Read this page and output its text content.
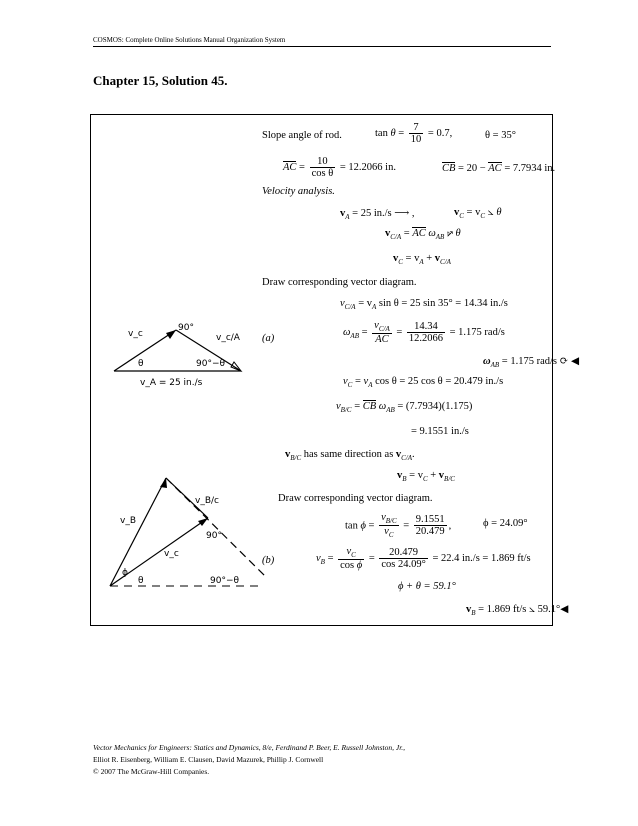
COSMOS: Complete Online Solutions Manual Organization System
Chapter 15, Solution 45.
Slope angle of rod.	$\tan \theta = \frac{7}{10} = 0.7$,	θ = 35°
AC = $\frac{10}{\text{cos θ}} = 12.2066$ in.	CB = 20 − AC = 7.7934 in.
Velocity analysis.
$v_A = 25$ in./s ⟶ ,	$v_C = v_C$ ⦣ θ
$v_{C/A}$ = AC $\omega_{AB}$ ⦬ θ
$v_C = v_A + v_{C/A}$
Draw corresponding vector diagram.
$v_{C/A} = v_A$ sin θ = 25 sin 35° = 14.34 in./s
(a)
$\omega_{AB} = \frac{v_{C/A}}{AC} = \frac{14.34}{12.2066} = 1.175$ rad/s
$\omega_{AB} = 1.175$ rad/s ⟳ ◀
$v_C = v_A$ cos θ = 25 cos θ = 20.479 in./s
$v_{B/C}$ = CB $\omega_{AB} = (7.7934)(1.175)$
= 9.1551 in./s
$v_{B/C}$ has same direction as $v_{C/A}$.
$v_B = v_C + v_{B/C}$
Draw corresponding vector diagram.
$\tan \phi = \frac{v_{B/C}}{v_C} = \frac{9.1551}{20.479}$ ,	ϕ = 24.09°
(b)	$v_B = \frac{v_C}{\text{cos ϕ}} = \frac{20.479}{\cos 24.09^\circ} = 22.4$ in./s = 1.869 ft/s
ϕ + θ = 59.1°
$v_B = 1.869$ ft/s ⦣ 59.1°◀
v_c
90°
v_c/A
θ	90°−θ
v_A = 25 in./s
v_B/c
v_B
v_c
90°
ϕ
θ	90°−θ
Vector Mechanics for Engineers: Statics and Dynamics, 8/e, Ferdinand P. Beer, E. Russell Johnston, Jr.,
Elliot R. Eisenberg, William E. Clausen, David Mazurek, Phillip J. Cornwell
© 2007 The McGraw-Hill Companies.
